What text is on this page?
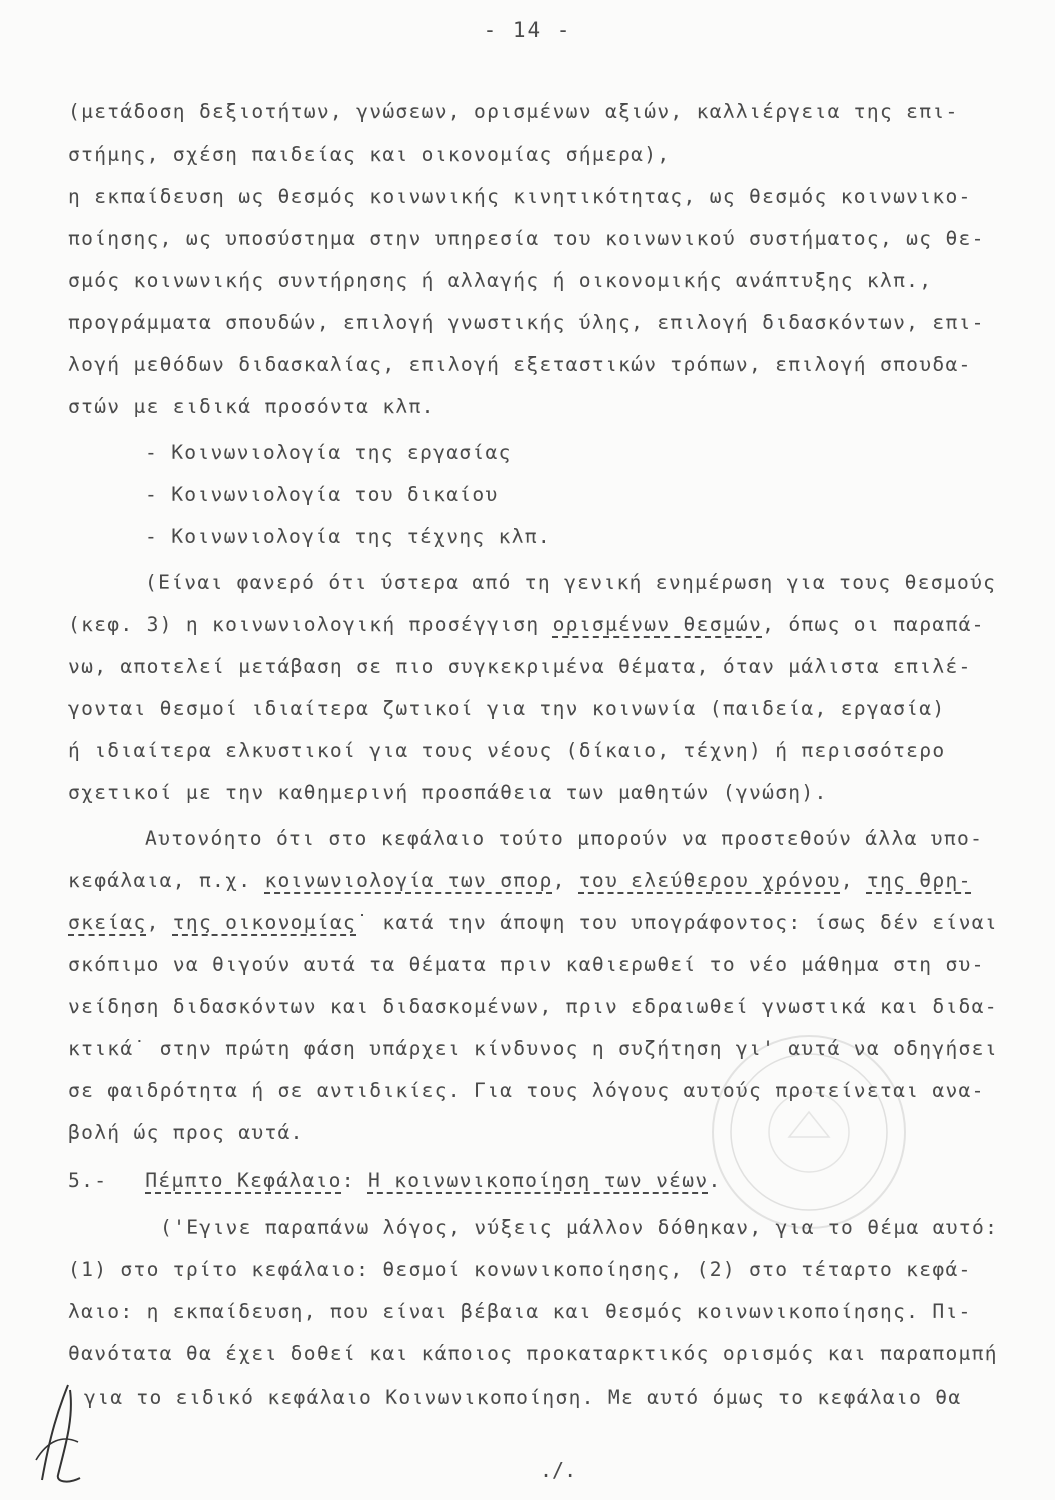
- 14 -
(μετάδοση δεξιοτήτων, γνώσεων, ορισμένων αξιών, καλλιέργεια της επι-
στήμης, σχέση παιδείας και οικονομίας σήμερα),
η εκπαίδευση ως θεσμός κοινωνικής κινητικότητας, ως θεσμός κοινωνικο-
ποίησης, ως υποσύστημα στην υπηρεσία του κοινωνικού συστήματος, ως θε-
σμός κοινωνικής συντήρησης ή αλλαγής ή οικονομικής ανάπτυξης κλπ.,
προγράμματα σπουδών, επιλογή γνωστικής ύλης, επιλογή διδασκόντων, επι-
λογή μεθόδων διδασκαλίας, επιλογή εξεταστικών τρόπων, επιλογή σπουδα-
στών με ειδικά προσόντα κλπ.
- Κοινωνιολογία της εργασίας
- Κοινωνιολογία του δικαίου
- Κοινωνιολογία της τέχνης κλπ.
(Είναι φανερό ότι ύστερα από τη γενική ενημέρωση για τους θεσμούς
(κεφ. 3) η κοινωνιολογική προσέγγιση ορισμένων θεσμών, όπως οι παραπά-
νω, αποτελεί μετάβαση σε πιο συγκεκριμένα θέματα, όταν μάλιστα επιλέ-
γονται θεσμοί ιδιαίτερα ζωτικοί για την κοινωνία (παιδεία, εργασία)
ή ιδιαίτερα ελκυστικοί για τους νέους (δίκαιο, τέχνη) ή περισσότερο
σχετικοί με την καθημερινή προσπάθεια των μαθητών (γνώση).
Αυτονόητο ότι στο κεφάλαιο τούτο μπορούν να προστεθούν άλλα υπο-
κεφάλαια, π.χ. κοινωνιολογία των σπορ, του ελεύθερου χρόνου, της θρη-
σκείας, της οικονομίας˙ κατά την άποψη του υπογράφοντος: ίσως δέν είναι
σκόπιμο να θιγούν αυτά τα θέματα πριν καθιερωθεί το νέο μάθημα στη συ-
νείδηση διδασκόντων και διδασκομένων, πριν εδραιωθεί γνωστικά και διδα-
κτικά˙ στην πρώτη φάση υπάρχει κίνδυνος η συζήτηση γι' αυτά να οδηγήσει
σε φαιδρότητα ή σε αντιδικίες. Για τους λόγους αυτούς προτείνεται ανα-
βολή ώς προς αυτά.
5.- Πέμπτο Κεφάλαιο: Η κοινωνικοποίηση των νέων.
('Εγινε παραπάνω λόγος, νύξεις μάλλον δόθηκαν, για το θέμα αυτό:
(1) στο τρίτο κεφάλαιο: θεσμοί κονωνικοποίησης, (2) στο τέταρτο κεφά-
λαιο: η εκπαίδευση, που είναι βέβαια και θεσμός κοινωνικοποίησης. Πι-
θανότατα θα έχει δοθεί και κάποιος προκαταρκτικός ορισμός και παραπομπή
για το ειδικό κεφάλαιο Κοινωνικοποίηση. Με αυτό όμως το κεφάλαιο θα
./.
